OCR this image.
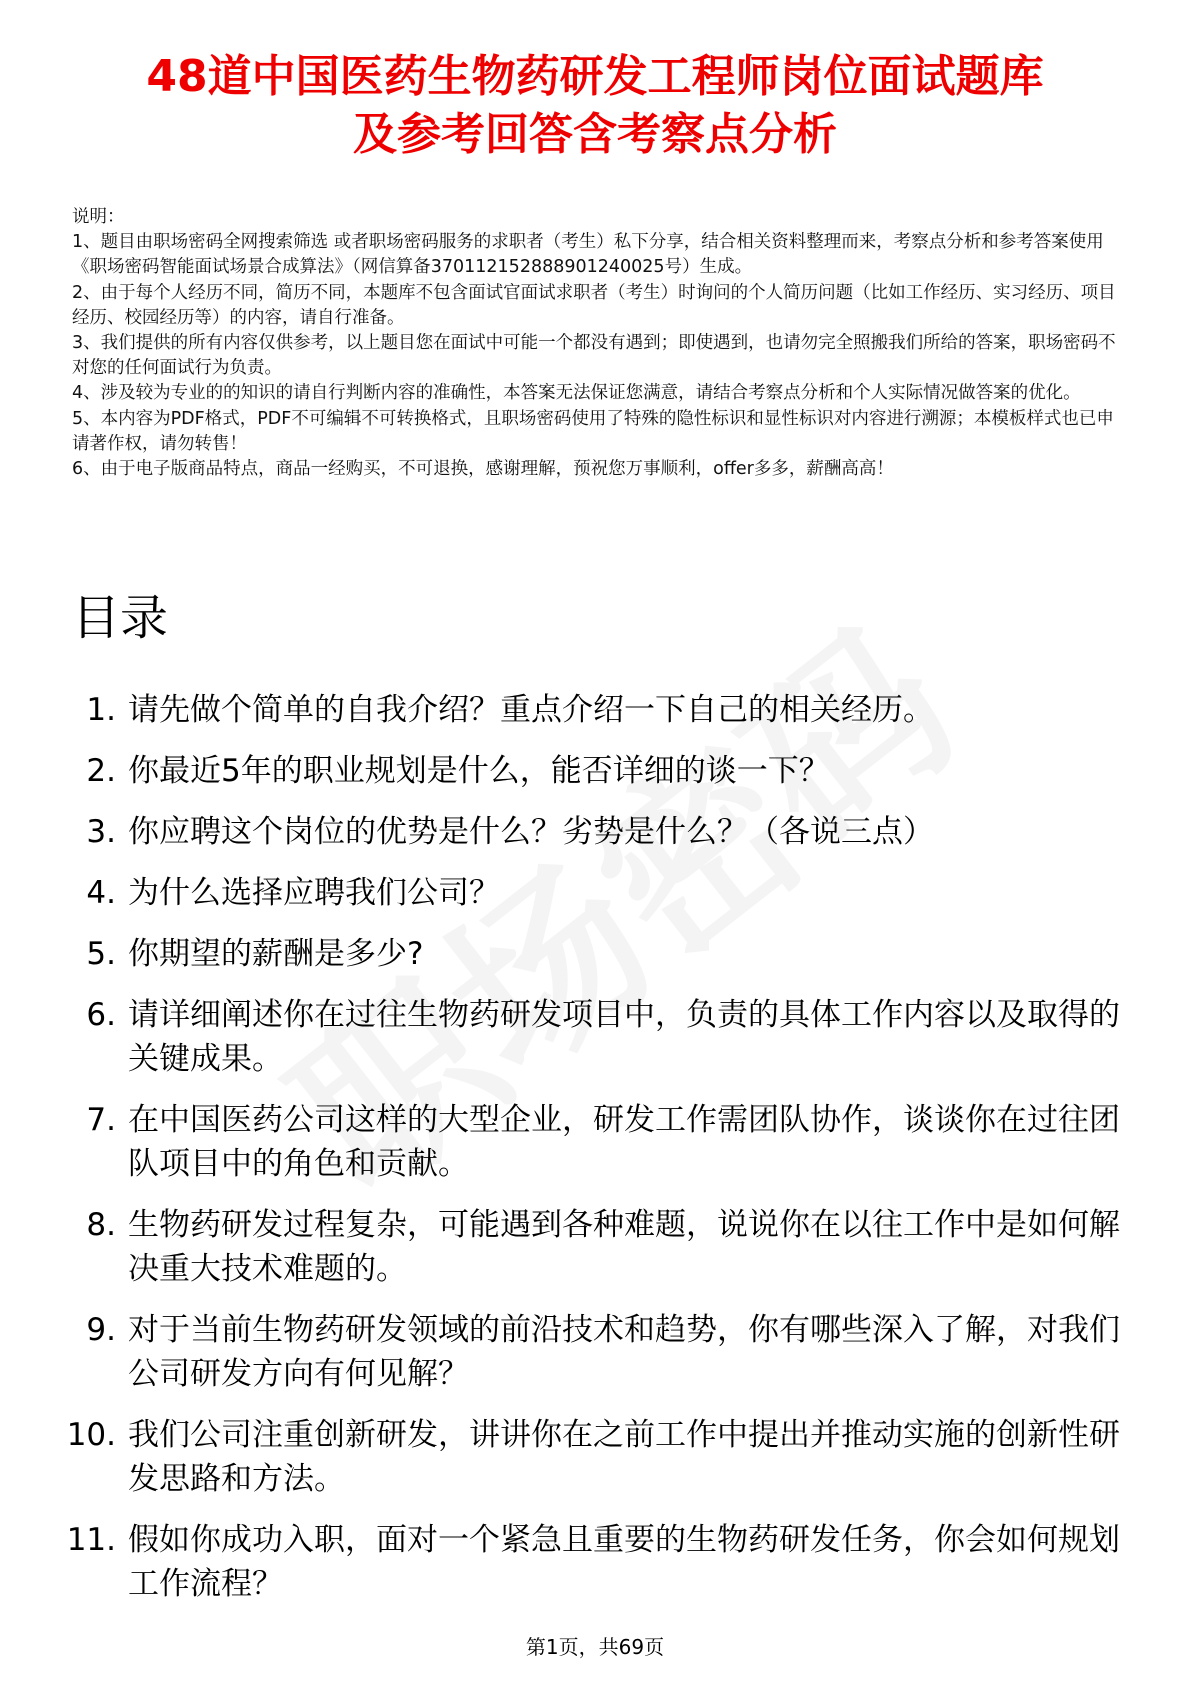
48道中国医药生物药研发工程师岗位面试题库
及参考回答含考察点分析

说明：

1、题目由职场密码全网搜索筛选 或者职场密码服务的求职者（考生）私下分享，结合相关资料整理而来，考察点分析和参考答案使用《职场密码智能面试场景合成算法》（网信算备370112152888901240025号）生成。

2、由于每个人经历不同，简历不同，本题库不包含面试官面试求职者（考生）时询问的个人简历问题（比如工作经历、实习经历、项目经历、校园经历等）的内容，请自行准备。

3、我们提供的所有内容仅供参考，以上题目您在面试中可能一个都没有遇到；即使遇到，也请勿完全照搬我们所给的答案，职场密码不对您的任何面试行为负责。

4、涉及较为专业的的知识的请自行判断内容的准确性，本答案无法保证您满意，请结合考察点分析和个人实际情况做答案的优化。

5、本内容为PDF格式，PDF不可编辑不可转换格式，且职场密码使用了特殊的隐性标识和显性标识对内容进行溯源；本模板样式也已申请著作权，请勿转售！

6、由于电子版商品特点，商品一经购买，不可退换，感谢理解，预祝您万事顺利，offer多多，薪酬高高！

目录
1. 请先做个简单的自我介绍？重点介绍一下自己的相关经历。
2. 你最近5年的职业规划是什么，能否详细的谈一下？
3. 你应聘这个岗位的优势是什么？劣势是什么？（各说三点）
4. 为什么选择应聘我们公司？
5. 你期望的薪酬是多少?
6. 请详细阐述你在过往生物药研发项目中，负责的具体工作内容以及取得的关键成果。
7. 在中国医药公司这样的大型企业，研发工作需团队协作，谈谈你在过往团队项目中的角色和贡献。
8. 生物药研发过程复杂，可能遇到各种难题，说说你在以往工作中是如何解决重大技术难题的。
9. 对于当前生物药研发领域的前沿技术和趋势，你有哪些深入了解，对我们公司研发方向有何见解？
10. 我们公司注重创新研发，讲讲你在之前工作中提出并推动实施的创新性研发思路和方法。
11. 假如你成功入职，面对一个紧急且重要的生物药研发任务，你会如何规划工作流程？
第1页，共69页
